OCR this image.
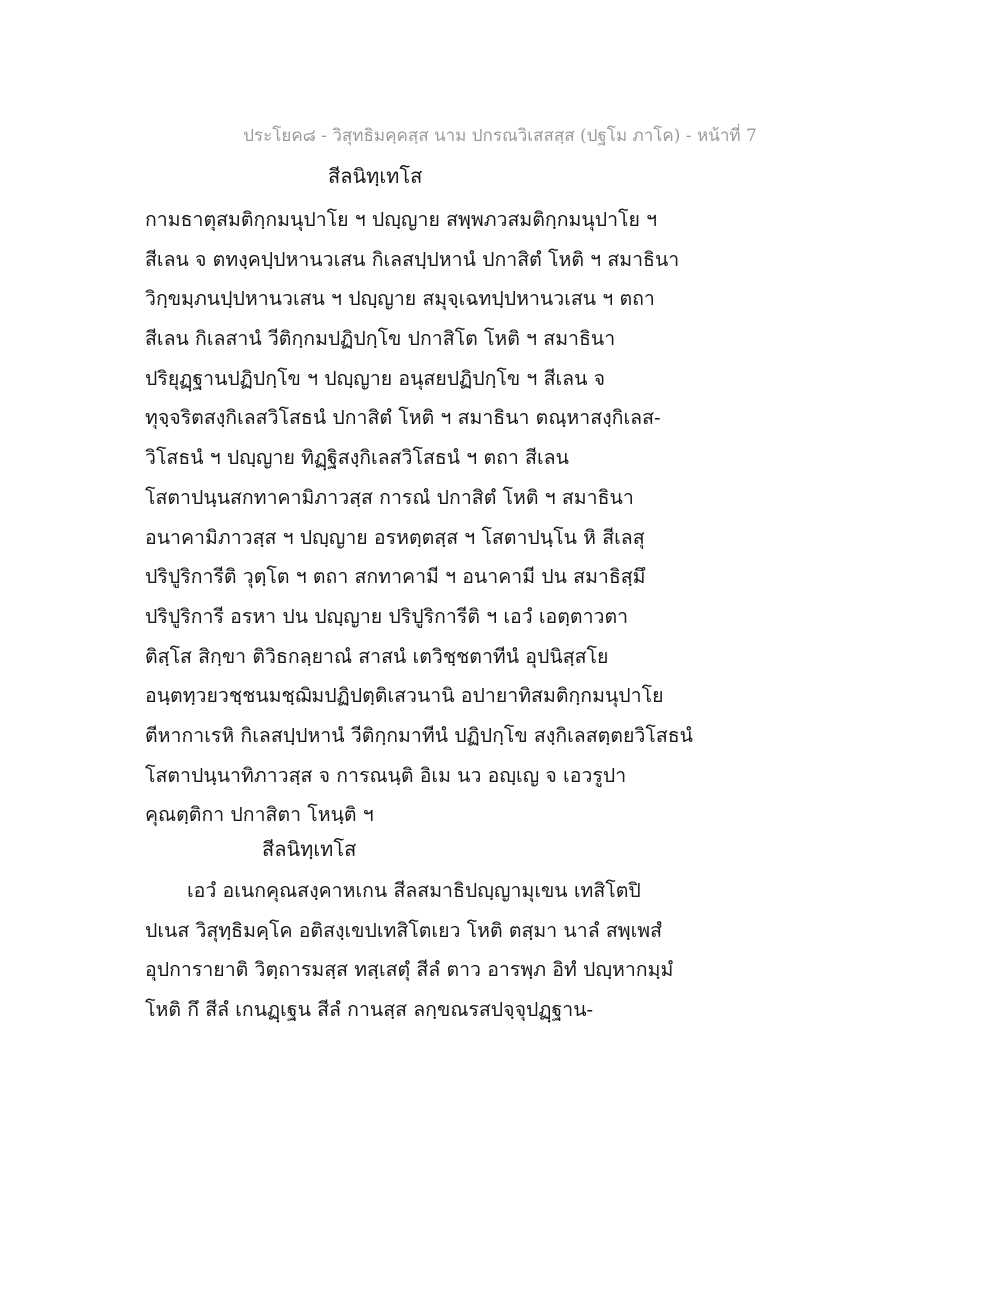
ประโยค๘ - วิสุทธิมคฺคสฺส นาม ปกรณวิเสสสฺส (ปฐโม ภาโค) - หน้าที่ 7
สีลนิทฺเทโส
กามธาตุสมติกฺกมนุปาโย ฯ ปญฺญาย สพฺพภวสมติกฺกมนุปาโย ฯ
สีเลน จ ตทงฺคปฺปหานวเสน กิเลสปฺปหานํ ปกาสิตํ โหติ ฯ สมาธินา
วิกฺขมฺภนปฺปหานวเสน ฯ ปญฺญาย สมุจฺเฉทปฺปหานวเสน ฯ ตถา
สีเลน กิเลสานํ วีติกฺกมปฏิปกฺโข ปกาสิโต โหติ ฯ สมาธินา
ปริยุฏฺฐานปฏิปกฺโข ฯ ปญฺญาย อนุสยปฏิปกฺโข ฯ สีเลน จ
ทุจฺจริตสงฺกิเลสวิโสธนํ ปกาสิตํ โหติ ฯ สมาธินา ตณฺหาสงฺกิเลส-
วิโสธนํ ฯ ปญฺญาย ทิฏฺฐิสงฺกิเลสวิโสธนํ ฯ ตถา สีเลน
โสตาปนฺนสกทาคามิภาวสฺส การณํ ปกาสิตํ โหติ ฯ สมาธินา
อนาคามิภาวสฺส ฯ ปญฺญาย อรหตฺตสฺส ฯ โสตาปนฺโน หิ สีเลสุ
ปริปูริการีติ วุตฺโต ฯ ตถา สกทาคามี ฯ อนาคามี ปน สมาธิสฺมึ
ปริปูริการี อรหา ปน ปญฺญาย ปริปูริการีติ ฯ เอวํ เอตฺตาวตา
ติสฺโส สิกฺขา ติวิธกลฺยาณํ สาสนํ เตวิชฺชตาทีนํ อุปนิสฺสโย
อนฺตทฺวยวชฺชนมชฺฌิมปฏิปตฺติเสวนานิ อปายาทิสมติกฺกมนุปาโย
ตีหากาเรหิ กิเลสปฺปหานํ วีติกฺกมาทีนํ ปฏิปกฺโข สงฺกิเลสตฺตยวิโสธนํ
โสตาปนฺนาทิภาวสฺส จ การณนฺติ อิเม นว อญฺเญ จ เอวรูปา
คุณตฺติกา ปกาสิตา โหนฺติ ฯ
สีลนิทฺเทโส
เอวํ อเนกคุณสงฺคาหเกน สีลสมาธิปญฺญามุเขน เทสิโตปิ
ปเนส วิสุทฺธิมคฺโค อติสงฺเขปเทสิโตเยว โหติ ตสฺมา นาลํ สพฺเพสํ
อุปการายาติ วิตฺถารมสฺส ทสฺเสตุํ สีลํ ตาว อารพฺภ อิทํ ปญฺหากมฺมํ
โหติ กึ สีลํ เกนฏฺเฐน สีลํ กานสฺส ลกฺขณรสปจฺจุปฏฺฐาน-
